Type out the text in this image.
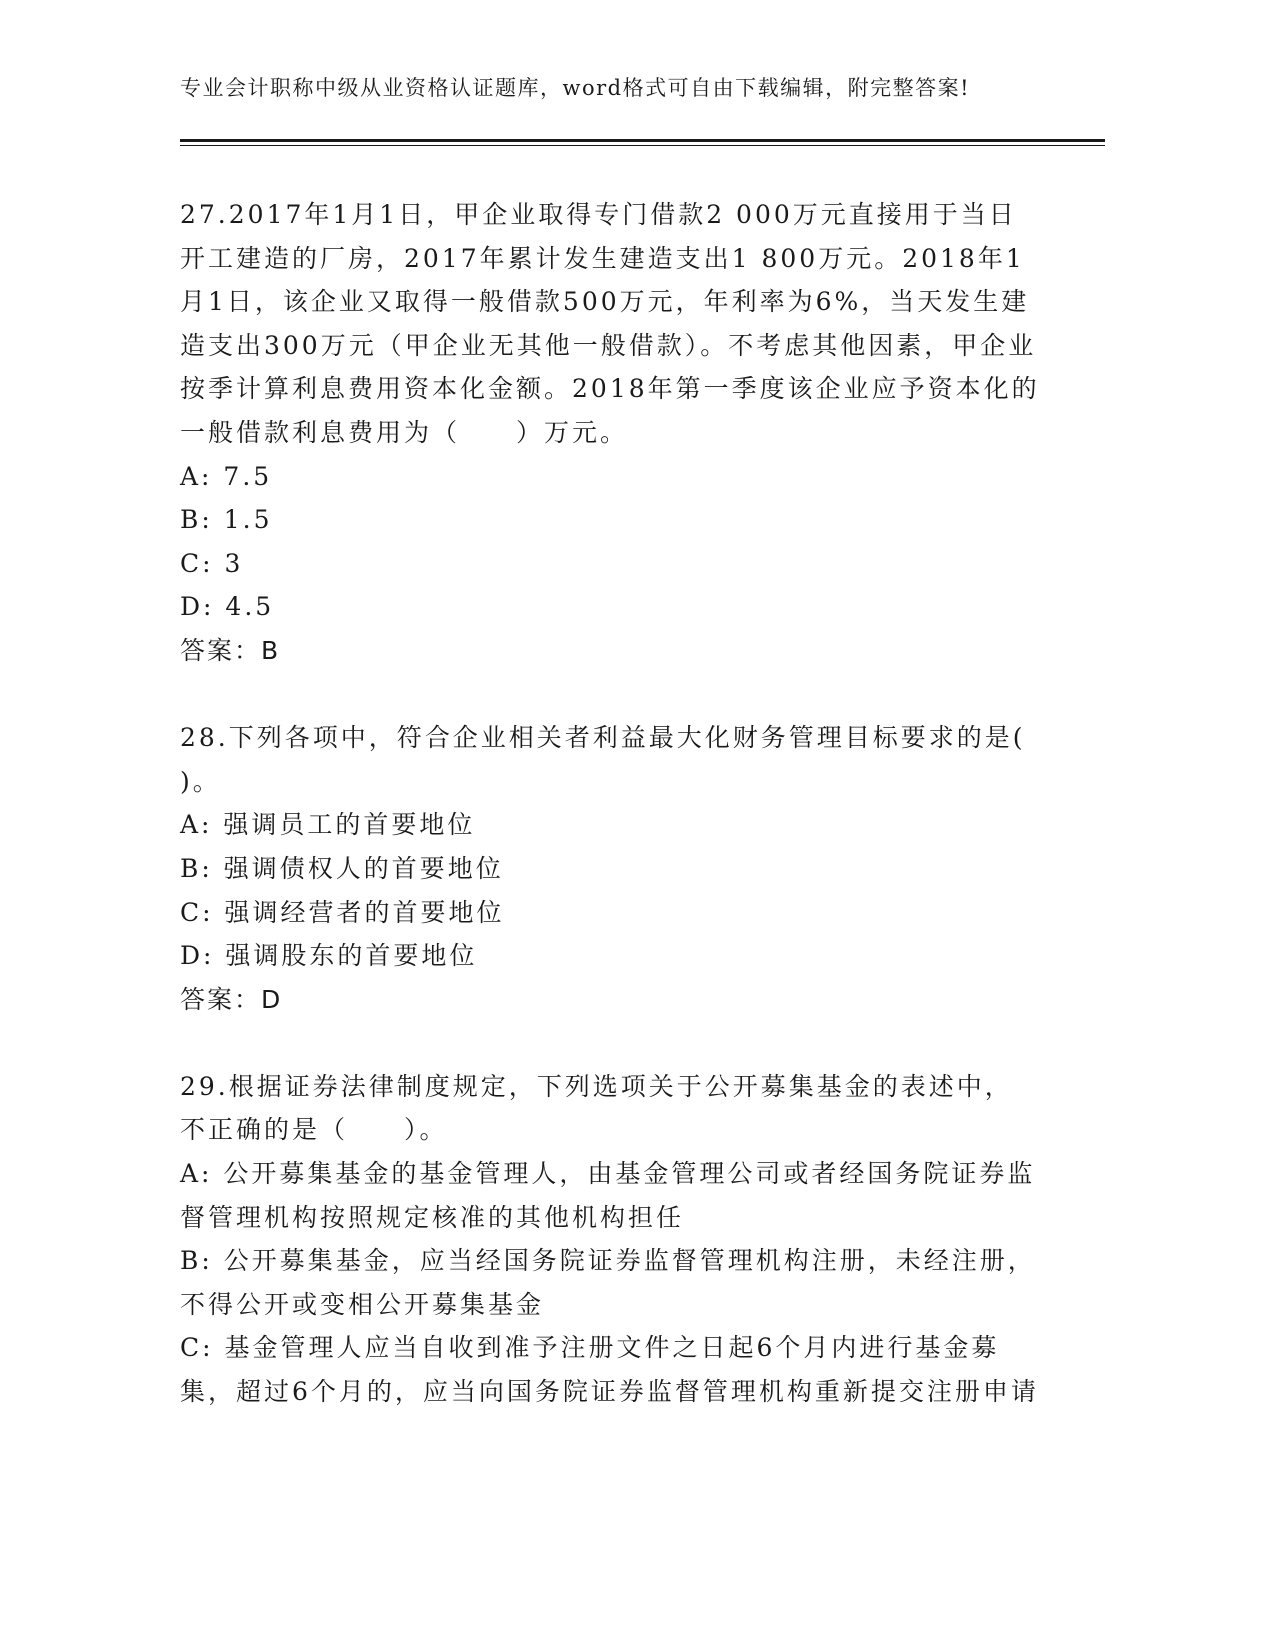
专业会计职称中级从业资格认证题库，word格式可自由下载编辑，附完整答案!

27.2017年1月1日，甲企业取得专门借款2 000万元直接用于当日开工建造的厂房，2017年累计发生建造支出1 800万元。2018年1月1日，该企业又取得一般借款500万元，年利率为6%，当天发生建造支出300万元（甲企业无其他一般借款）。不考虑其他因素，甲企业按季计算利息费用资本化金额。2018年第一季度该企业应予资本化的一般借款利息费用为（　　）万元。

A: 7.5

B: 1.5

C: 3

D: 4.5

答案：B

28.下列各项中，符合企业相关者利益最大化财务管理目标要求的是( )。

A: 强调员工的首要地位

B: 强调债权人的首要地位

C: 强调经营者的首要地位

D: 强调股东的首要地位

答案：D

29.根据证券法律制度规定，下列选项关于公开募集基金的表述中，不正确的是（　　）。

A: 公开募集基金的基金管理人，由基金管理公司或者经国务院证券监督管理机构按照规定核准的其他机构担任

B: 公开募集基金，应当经国务院证券监督管理机构注册，未经注册，不得公开或变相公开募集基金

C: 基金管理人应当自收到准予注册文件之日起6个月内进行基金募集，超过6个月的，应当向国务院证券监督管理机构重新提交注册申请
